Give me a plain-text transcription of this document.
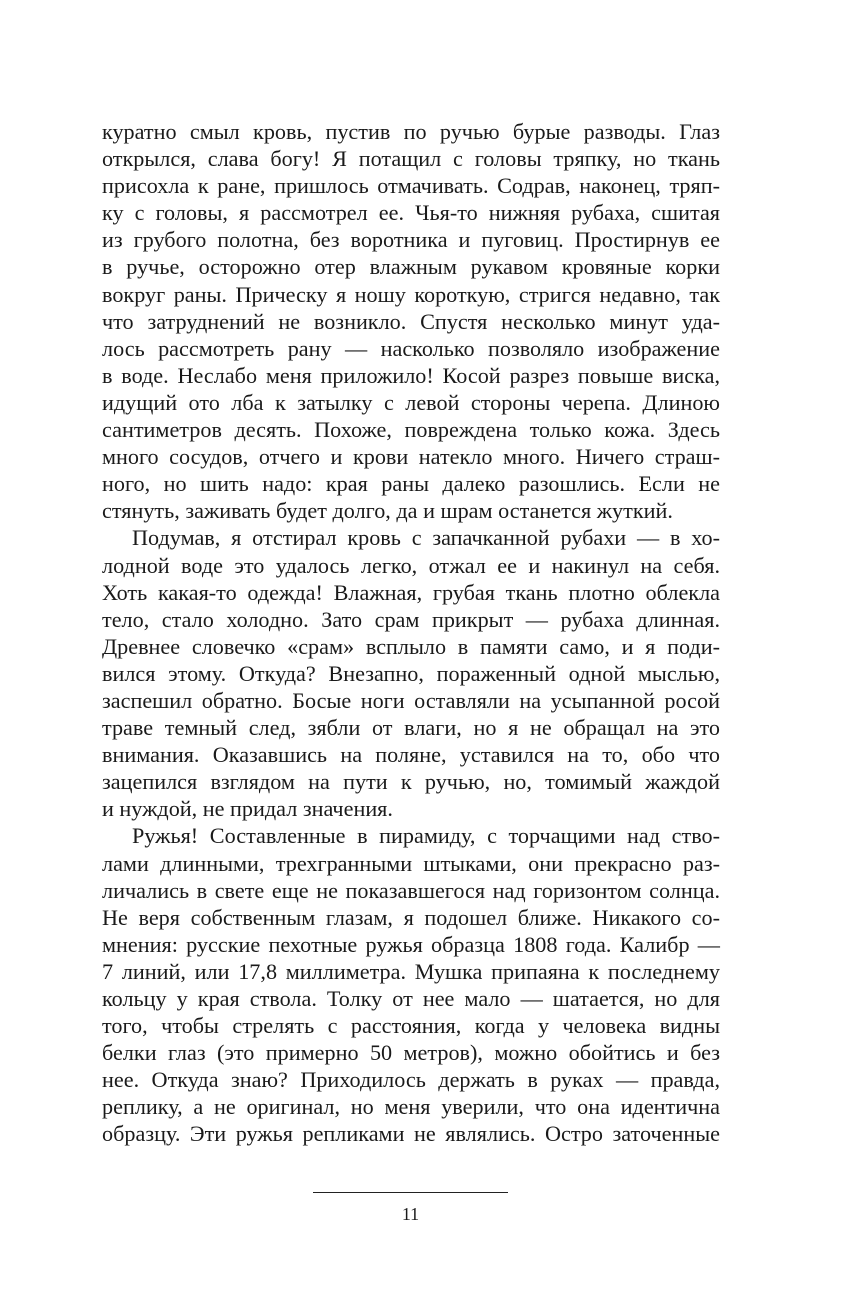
куратно смыл кровь, пустив по ручью бурые разводы. Глаз
открылся, слава богу! Я потащил с головы тряпку, но ткань
присохла к ране, пришлось отмачивать. Содрав, наконец, тряп-
ку с головы, я рассмотрел ее. Чья-то нижняя рубаха, сшитая
из грубого полотна, без воротника и пуговиц. Простирнув ее
в ручье, осторожно отер влажным рукавом кровяные корки
вокруг раны. Прическу я ношу короткую, стригся недавно, так
что затруднений не возникло. Спустя несколько минут уда-
лось рассмотреть рану — насколько позволяло изображение
в воде. Неслабо меня приложило! Косой разрез повыше виска,
идущий ото лба к затылку с левой стороны черепа. Длиною
сантиметров десять. Похоже, повреждена только кожа. Здесь
много сосудов, отчего и крови натекло много. Ничего страш-
ного, но шить надо: края раны далеко разошлись. Если не
стянуть, заживать будет долго, да и шрам останется жуткий.
Подумав, я отстирал кровь с запачканной рубахи — в хо-
лодной воде это удалось легко, отжал ее и накинул на себя.
Хоть какая-то одежда! Влажная, грубая ткань плотно облекла
тело, стало холодно. Зато срам прикрыт — рубаха длинная.
Древнее словечко «срам» всплыло в памяти само, и я поди-
вился этому. Откуда? Внезапно, пораженный одной мыслью,
заспешил обратно. Босые ноги оставляли на усыпанной росой
траве темный след, зябли от влаги, но я не обращал на это
внимания. Оказавшись на поляне, уставился на то, обо что
зацепился взглядом на пути к ручью, но, томимый жаждой
и нуждой, не придал значения.
Ружья! Составленные в пирамиду, с торчащими над ство-
лами длинными, трехгранными штыками, они прекрасно раз-
личались в свете еще не показавшегося над горизонтом солнца.
Не веря собственным глазам, я подошел ближе. Никакого со-
мнения: русские пехотные ружья образца 1808 года. Калибр —
7 линий, или 17,8 миллиметра. Мушка припаяна к последнему
кольцу у края ствола. Толку от нее мало — шатается, но для
того, чтобы стрелять с расстояния, когда у человека видны
белки глаз (это примерно 50 метров), можно обойтись и без
нее. Откуда знаю? Приходилось держать в руках — правда,
реплику, а не оригинал, но меня уверили, что она идентична
образцу. Эти ружья репликами не являлись. Остро заточенные
11
